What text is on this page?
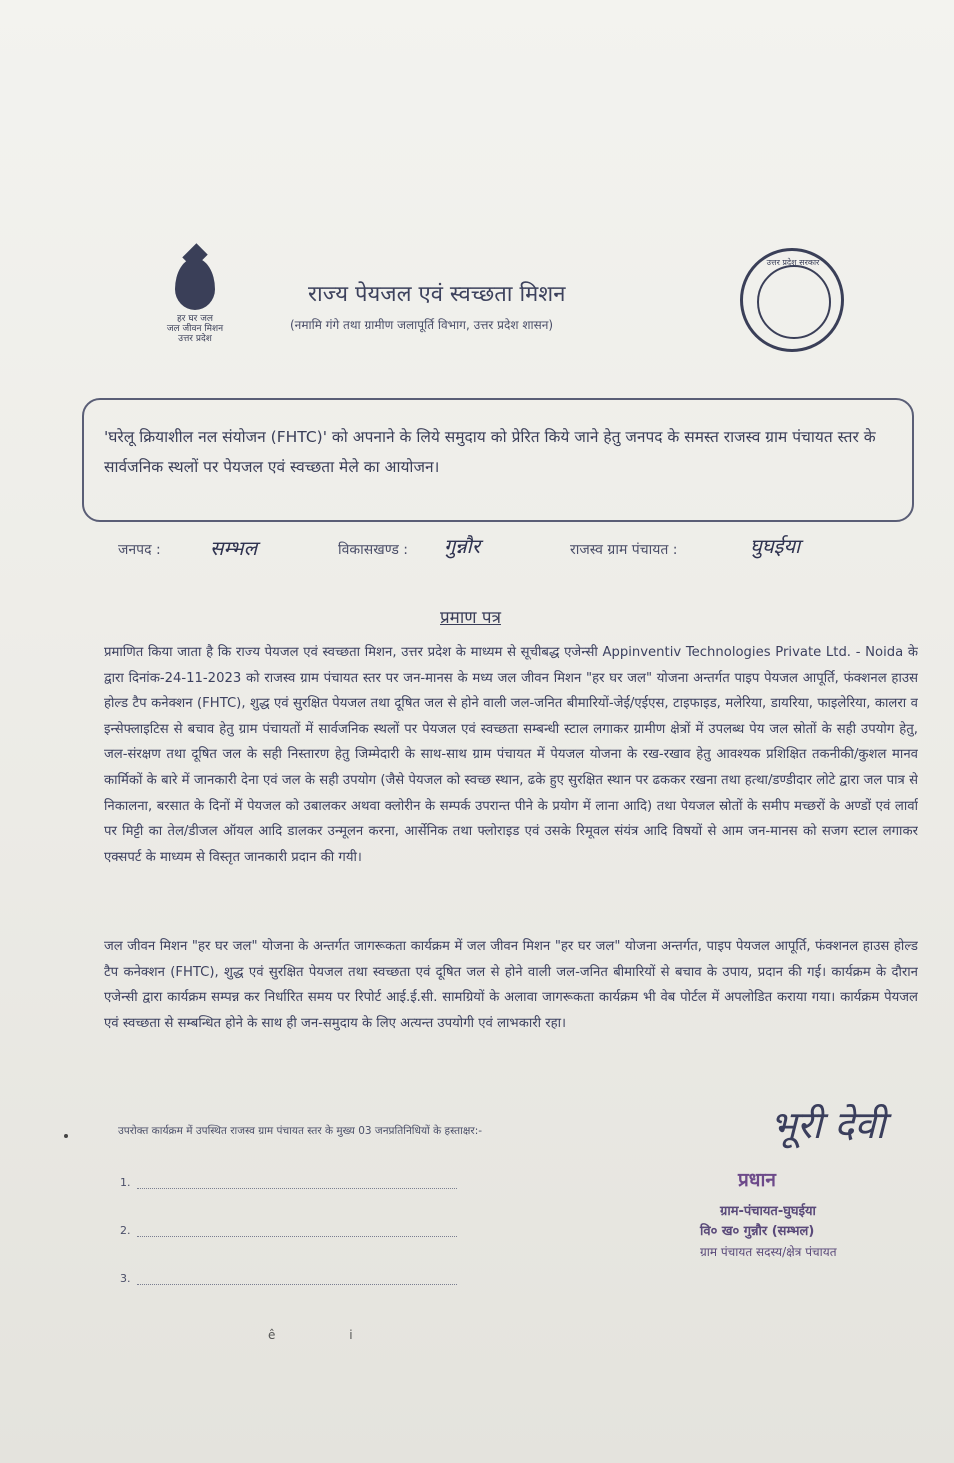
हर घर जल
जल जीवन मिशन
उत्तर प्रदेश
राज्य पेयजल एवं स्वच्छता मिशन
(नमामि गंगे तथा ग्रामीण जलापूर्ति विभाग, उत्तर प्रदेश शासन)
उत्तर प्रदेश सरकार
'घरेलू क्रियाशील नल संयोजन (FHTC)' को अपनाने के लिये समुदाय को प्रेरित किये जाने हेतु जनपद के समस्त राजस्व ग्राम पंचायत स्तर के सार्वजनिक स्थलों पर पेयजल एवं स्वच्छता मेले का आयोजन।
जनपद : सम्भल	विकासखण्ड : गुन्नौर	राजस्व ग्राम पंचायत :	घुघईया
प्रमाण पत्र
प्रमाणित किया जाता है कि राज्य पेयजल एवं स्वच्छता मिशन, उत्तर प्रदेश के माध्यम से सूचीबद्ध एजेन्सी Appinventiv Technologies Private Ltd. - Noida के द्वारा दिनांक-24-11-2023 को राजस्व ग्राम पंचायत स्तर पर जन-मानस के मध्य जल जीवन मिशन "हर घर जल" योजना अन्तर्गत पाइप पेयजल आपूर्ति, फंक्शनल हाउस होल्ड टैप कनेक्शन (FHTC), शुद्ध एवं सुरक्षित पेयजल तथा दूषित जल से होने वाली जल-जनित बीमारियों-जेई/एईएस, टाइफाइड, मलेरिया, डायरिया, फाइलेरिया, कालरा व इन्सेफ्लाइटिस से बचाव हेतु ग्राम पंचायतों में सार्वजनिक स्थलों पर पेयजल एवं स्वच्छता सम्बन्धी स्टाल लगाकर ग्रामीण क्षेत्रों में उपलब्ध पेय जल स्रोतों के सही उपयोग हेतु, जल-संरक्षण तथा दूषित जल के सही निस्तारण हेतु जिम्मेदारी के साथ-साथ ग्राम पंचायत में पेयजल योजना के रख-रखाव हेतु आवश्यक प्रशिक्षित तकनीकी/कुशल मानव कार्मिकों के बारे में जानकारी देना एवं जल के सही उपयोग (जैसे पेयजल को स्वच्छ स्थान, ढके हुए सुरक्षित स्थान पर ढककर रखना तथा हत्था/डण्डीदार लोटे द्वारा जल पात्र से निकालना, बरसात के दिनों में पेयजल को उबालकर अथवा क्लोरीन के सम्पर्क उपरान्त पीने के प्रयोग में लाना आदि) तथा पेयजल स्रोतों के समीप मच्छरों के अण्डों एवं लार्वा पर मिट्टी का तेल/डीजल ऑयल आदि डालकर उन्मूलन करना, आर्सेनिक तथा फ्लोराइड एवं उसके रिमूवल संयंत्र आदि विषयों से आम जन-मानस को सजग स्टाल लगाकर एक्सपर्ट के माध्यम से विस्तृत जानकारी प्रदान की गयी।
जल जीवन मिशन "हर घर जल" योजना के अन्तर्गत जागरूकता कार्यक्रम में जल जीवन मिशन "हर घर जल" योजना अन्तर्गत, पाइप पेयजल आपूर्ति, फंक्शनल हाउस होल्ड टैप कनेक्शन (FHTC), शुद्ध एवं सुरक्षित पेयजल तथा स्वच्छता एवं दूषित जल से होने वाली जल-जनित बीमारियों से बचाव के उपाय, प्रदान की गई। कार्यक्रम के दौरान एजेन्सी द्वारा कार्यक्रम सम्पन्न कर निर्धारित समय पर रिपोर्ट आई.ई.सी. सामग्रियों के अलावा जागरूकता कार्यक्रम भी वेब पोर्टल में अपलोडित कराया गया। कार्यक्रम पेयजल एवं स्वच्छता से सम्बन्धित होने के साथ ही जन-समुदाय के लिए अत्यन्त उपयोगी एवं लाभकारी रहा।
उपरोक्त कार्यक्रम में उपस्थित राजस्व ग्राम पंचायत स्तर के मुख्य 03 जनप्रतिनिधियों के हस्ताक्षर:-
1.
2.
3.
भूरी देवी
प्रधान
ग्राम-पंचायत-घुघईया
वि० ख० गुन्नौर (सम्भल)
ग्राम पंचायत सदस्य/क्षेत्र पंचायत
ê	i
